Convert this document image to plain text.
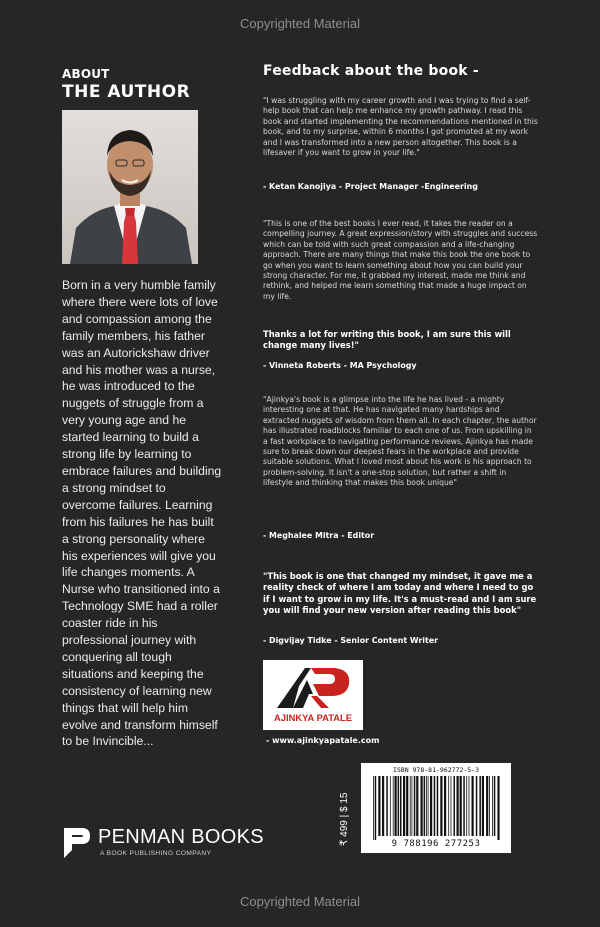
Copyrighted Material
ABOUT
THE AUTHOR
Born in a very humble family where there were lots of love and compassion among the family members, his father was an Autorickshaw driver and his mother was a nurse, he was introduced to the nuggets of struggle from a very young age and he started learning to build a strong life by learning to embrace failures and building a strong mindset to overcome failures. Learning from his failures he has built a strong personality where his experiences will give you life changes moments. A Nurse who transitioned into a Technology SME had a roller coaster ride in his professional journey with conquering all tough situations and keeping the consistency of learning new things that will help him evolve and transform himself to be Invincible...
Feedback about the book -
"I was struggling with my career growth and I was trying to find a self-help book that can help me enhance my growth pathway. I read this book and started implementing the recommendations mentioned in this book, and to my surprise, within 6 months I got promoted at my work and I was transformed into a new person altogether. This book is a lifesaver if you want to grow in your life."
- Ketan Kanojiya - Project Manager -Engineering
"This is one of the best books I ever read, it takes the reader on a compelling journey. A great expression/story with struggles and success which can be told with such great compassion and a life-changing approach. There are many things that make this book the one book to go when you want to learn something about how you can build your strong character. For me, it grabbed my interest, made me think and rethink, and helped me learn something that made a huge impact on my life.
Thanks a lot for writing this book, I am sure this will change many lives!"
- Vinneta Roberts - MA Psychology
"Ajinkya's book is a glimpse into the life he has lived - a mighty interesting one at that. He has navigated many hardships and extracted nuggets of wisdom from them all. In each chapter, the author has illustrated roadblocks familiar to each one of us. From upskilling in a fast workplace to navigating performance reviews, Ajinkya has made sure to break down our deepest fears in the workplace and provide suitable solutions. What I loved most about his work is his approach to problem-solving. It isn't a one-stop solution, but rather a shift in lifestyle and thinking that makes this book unique"
- Meghalee Mitra - Editor
"This book is one that changed my mindset, it gave me a reality check of where I am today and where I need to go if I want to grow in my life. It's a must-read and I am sure you will find your new version after reading this book"
- Digvijay Tidke - Senior Content Writer
AJINKYA PATALE
- www.ajinkyapatale.com
PENMAN BOOKS
A BOOK PUBLISHING COMPANY
₹ 499 | $ 15
ISBN 978-81-962772-5-3
9 788196 277253
Copyrighted Material
